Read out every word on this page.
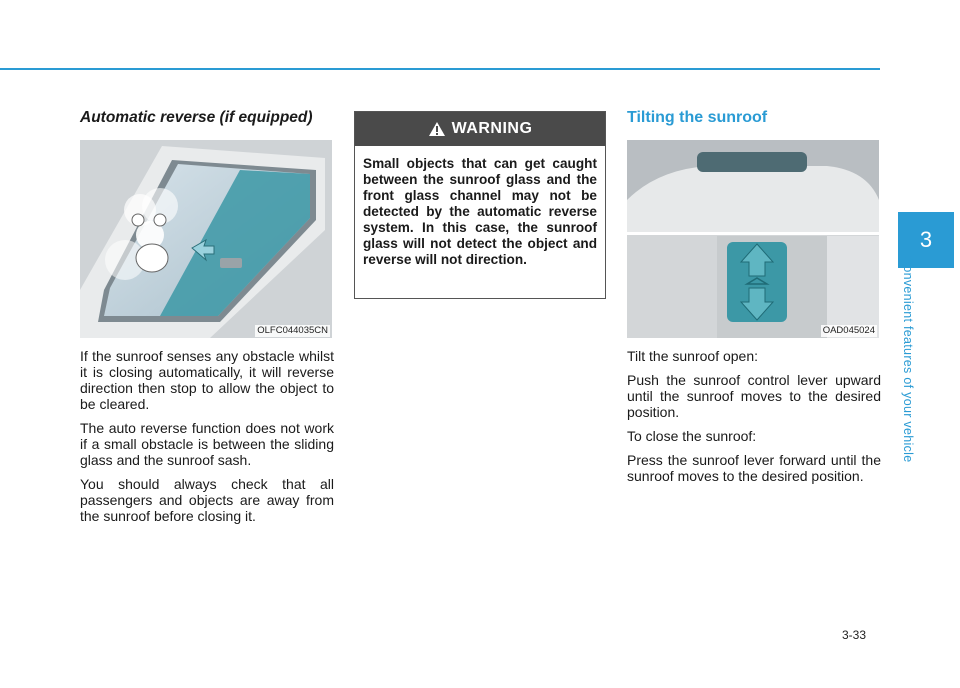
Automatic reverse (if equipped)
OLFC044035CN

If the sunroof senses any obstacle whilst it is closing automatically, it will reverse direction then stop to allow the object to be cleared.

The auto reverse function does not work if a small obstacle is between the sliding glass and the sunroof sash.

You should always check that all passengers and objects are away from the sunroof before closing it.

WARNING
Small objects that can get caught between the sunroof glass and the front glass channel may not be detected by the automatic reverse system. In this case, the sunroof glass will not detect the object and reverse will not direction.
Tilting the sunroof
OAD045024

Tilt the sunroof open:

Push the sunroof control lever upward until the sunroof moves to the desired position.

To close the sunroof:

Press the sunroof lever forward until the sunroof moves to the desired position.

3
Convenient features of your vehicle
3-33
